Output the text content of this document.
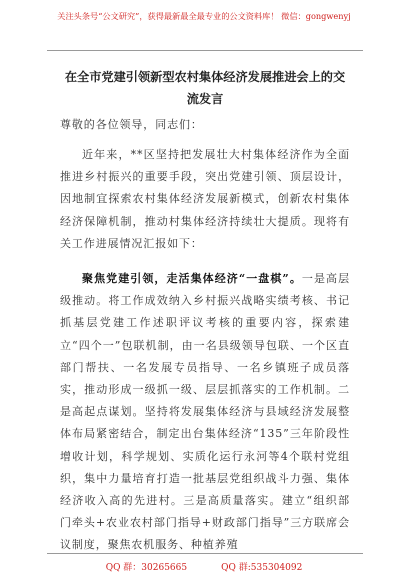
关注头条号“公文研究”，获得最新最全最专业的公文资料库！ 微信：gongwenyj
在全市党建引领新型农村集体经济发展推进会上的交流发言
尊敬的各位领导，同志们：
近年来，**区坚持把发展壮大村集体经济作为全面推进乡村振兴的重要手段，突出党建引领、顶层设计，因地制宜探索农村集体经济发展新模式，创新农村集体经济保障机制，推动村集体经济持续壮大提质。现将有关工作进展情况汇报如下：
聚焦党建引领，走活集体经济“一盘棋”。一是高层级推动。将工作成效纳入乡村振兴战略实绩考核、书记抓基层党建工作述职评议考核的重要内容，探索建立“四个一”包联机制，由一名县级领导包联、一个区直部门帮扶、一名发展专员指导、一名乡镇班子成员落实，推动形成一级抓一级、层层抓落实的工作机制。二是高起点谋划。坚持将发展集体经济与县域经济发展整体布局紧密结合，制定出台集体经济“135”三年阶段性增收计划，科学规划、实质化运行永河等4个联村党组织，集中力量培育打造一批基层党组织战斗力强、集体经济收入高的先进村。三是高质量落实。建立“组织部门牵头+农业农村部门指导+财政部门指导”三方联席会议制度，聚焦农机服务、种植养殖
QQ 群：30265665	QQ 群:535304092
